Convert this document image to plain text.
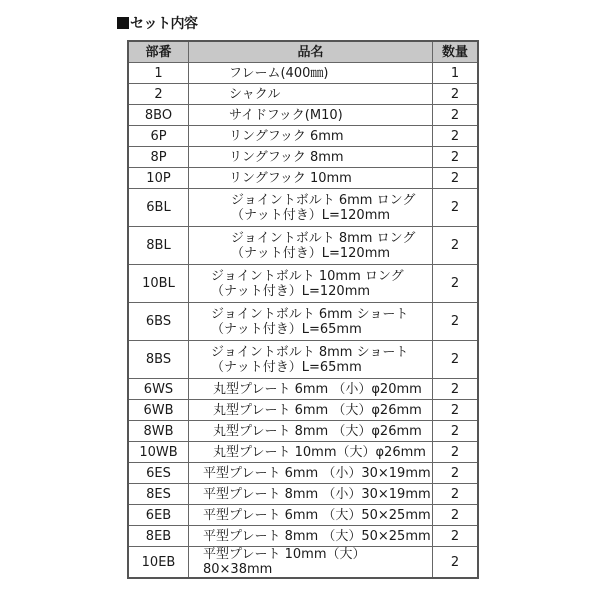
セット内容
部番	品名	数量
1	フレーム(400㎜)	1
2	シャクル	2
8BO	サイドフック(M10)	2
6P	リングフック 6mm	2
8P	リングフック 8mm	2
10P	リングフック 10mm	2
6BL	ジョイントボルト 6mm ロング
（ナット付き）L=120mm	2
8BL	ジョイントボルト 8mm ロング
（ナット付き）L=120mm	2
10BL	ジョイントボルト 10mm ロング
（ナット付き）L=120mm	2
6BS	ジョイントボルト 6mm ショート
（ナット付き）L=65mm	2
8BS	ジョイントボルト 8mm ショート
（ナット付き）L=65mm	2
6WS	丸型プレート 6mm （小）φ20mm	2
6WB	丸型プレート 6mm （大）φ26mm	2
8WB	丸型プレート 8mm （大）φ26mm	2
10WB	丸型プレート 10mm（大）φ26mm	2
6ES	平型プレート 6mm （小）30×19mm	2
8ES	平型プレート 8mm （小）30×19mm	2
6EB	平型プレート 6mm （大）50×25mm	2
8EB	平型プレート 8mm （大）50×25mm	2
10EB	平型プレート 10mm（大）80×38mm	2
